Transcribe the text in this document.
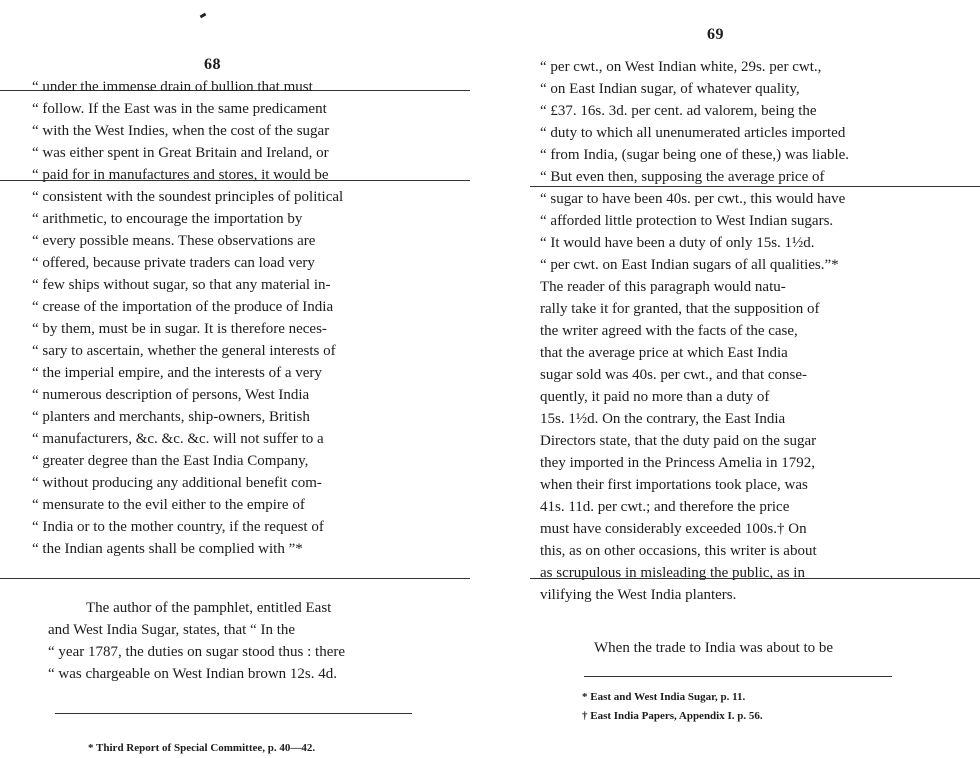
68
“ under the immense drain of bullion that must
“ follow. If the East was in the same predicament
“ with the West Indies, when the cost of the sugar
“ was either spent in Great Britain and Ireland, or
“ paid for in manufactures and stores, it would be
“ consistent with the soundest principles of political
“ arithmetic, to encourage the importation by
“ every possible means. These observations are
“ offered, because private traders can load very
“ few ships without sugar, so that any material in-
“ crease of the importation of the produce of India
“ by them, must be in sugar. It is therefore neces-
“ sary to ascertain, whether the general interests of
“ the imperial empire, and the interests of a very
“ numerous description of persons, West India
“ planters and merchants, ship-owners, British
“ manufacturers, &c. &c. &c. will not suffer to a
“ greater degree than the East India Company,
“ without producing any additional benefit com-
“ mensurate to the evil either to the empire of
“ India or to the mother country, if the request of
“ the Indian agents shall be complied with ”*
The author of the pamphlet, entitled East
and West India Sugar, states, that “ In the
“ year 1787, the duties on sugar stood thus : there
“ was chargeable on West Indian brown 12s. 4d.
* Third Report of Special Committee, p. 40—42.
69
“ per cwt., on West Indian white, 29s. per cwt.,
“ on East Indian sugar, of whatever quality,
“ £37. 16s. 3d. per cent. ad valorem, being the
“ duty to which all unenumerated articles imported
“ from India, (sugar being one of these,) was liable.
“ But even then, supposing the average price of
“ sugar to have been 40s. per cwt., this would have
“ afforded little protection to West Indian sugars.
“ It would have been a duty of only 15s. 1½d.
“ per cwt. on East Indian sugars of all qualities.”*
The reader of this paragraph would natu-
rally take it for granted, that the supposition of
the writer agreed with the facts of the case,
that the average price at which East India
sugar sold was 40s. per cwt., and that conse-
quently, it paid no more than a duty of
15s. 1½d. On the contrary, the East India
Directors state, that the duty paid on the sugar
they imported in the Princess Amelia in 1792,
when their first importations took place, was
41s. 11d. per cwt.; and therefore the price
must have considerably exceeded 100s.† On
this, as on other occasions, this writer is about
as scrupulous in misleading the public, as in
vilifying the West India planters.
When the trade to India was about to be
* East and West India Sugar, p. 11.
† East India Papers, Appendix I. p. 56.
